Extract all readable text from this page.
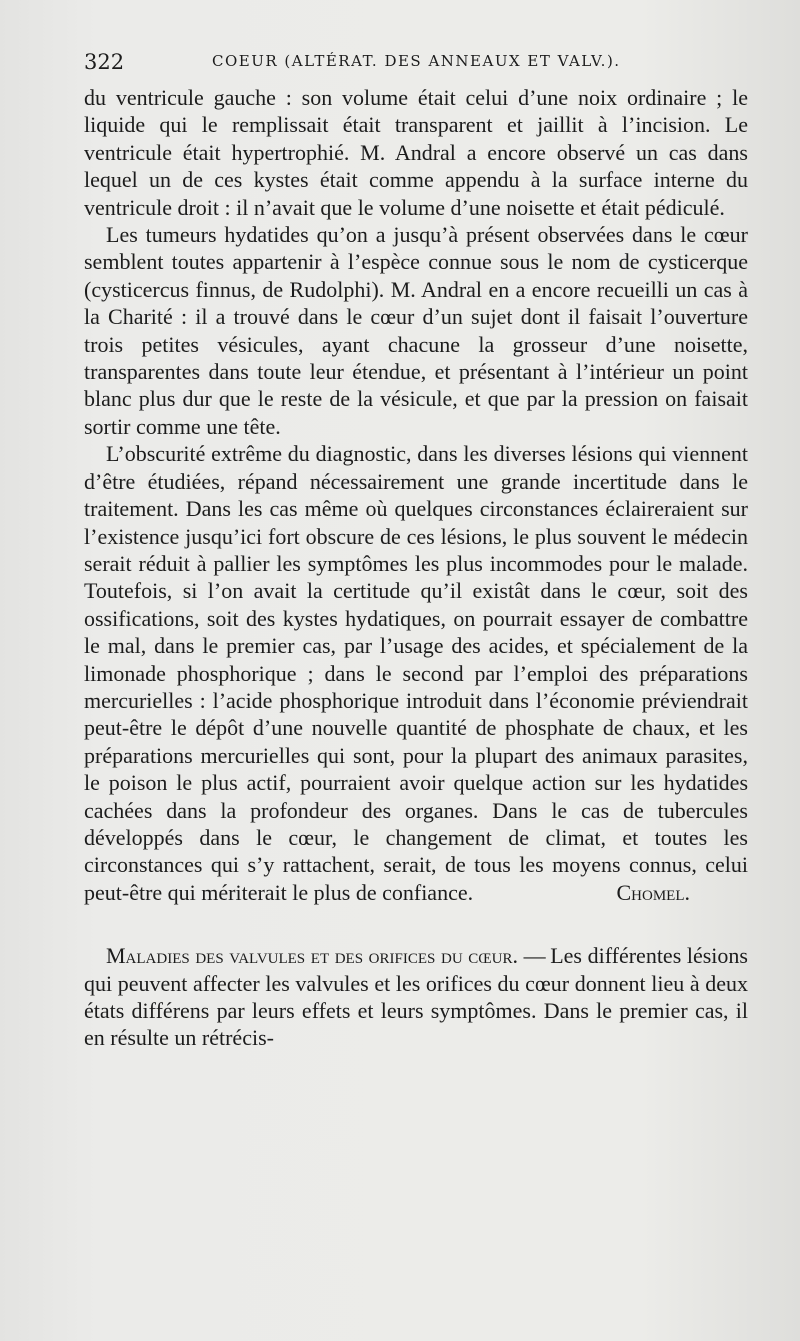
322	COEUR (ALTÉRAT. DES ANNEAUX ET VALV.).

du ventricule gauche : son volume était celui d’une noix ordinaire ; le liquide qui le remplissait était transparent et jaillit à l’incision. Le ventricule était hypertrophié. M. Andral a encore observé un cas dans lequel un de ces kystes était comme appendu à la surface interne du ventricule droit : il n’avait que le volume d’une noisette et était pédiculé.

Les tumeurs hydatides qu’on a jusqu’à présent observées dans le cœur semblent toutes appartenir à l’espèce connue sous le nom de cysticerque (cysticercus finnus, de Rudolphi). M. Andral en a encore recueilli un cas à la Charité : il a trouvé dans le cœur d’un sujet dont il faisait l’ouverture trois petites vésicules, ayant chacune la grosseur d’une noisette, transparentes dans toute leur étendue, et présentant à l’intérieur un point blanc plus dur que le reste de la vésicule, et que par la pression on faisait sortir comme une tête.

L’obscurité extrême du diagnostic, dans les diverses lésions qui viennent d’être étudiées, répand nécessairement une grande incertitude dans le traitement. Dans les cas même où quelques circonstances éclaireraient sur l’existence jusqu’ici fort obscure de ces lésions, le plus souvent le médecin serait réduit à pallier les symptômes les plus incommodes pour le malade. Toutefois, si l’on avait la certitude qu’il existât dans le cœur, soit des ossifications, soit des kystes hydatiques, on pourrait essayer de combattre le mal, dans le premier cas, par l’usage des acides, et spécialement de la limonade phosphorique ; dans le second par l’emploi des préparations mercurielles : l’acide phosphorique introduit dans l’économie préviendrait peut-être le dépôt d’une nouvelle quantité de phosphate de chaux, et les préparations mercurielles qui sont, pour la plupart des animaux parasites, le poison le plus actif, pourraient avoir quelque action sur les hydatides cachées dans la profondeur des organes. Dans le cas de tubercules développés dans le cœur, le changement de climat, et toutes les circonstances qui s’y rattachent, serait, de tous les moyens connus, celui peut-être qui mériterait le plus de confiance.	Chomel.

Maladies des valvules et des orifices du cœur. — Les différentes lésions qui peuvent affecter les valvules et les orifices du cœur donnent lieu à deux états différens par leurs effets et leurs symptômes. Dans le premier cas, il en résulte un rétrécis-
